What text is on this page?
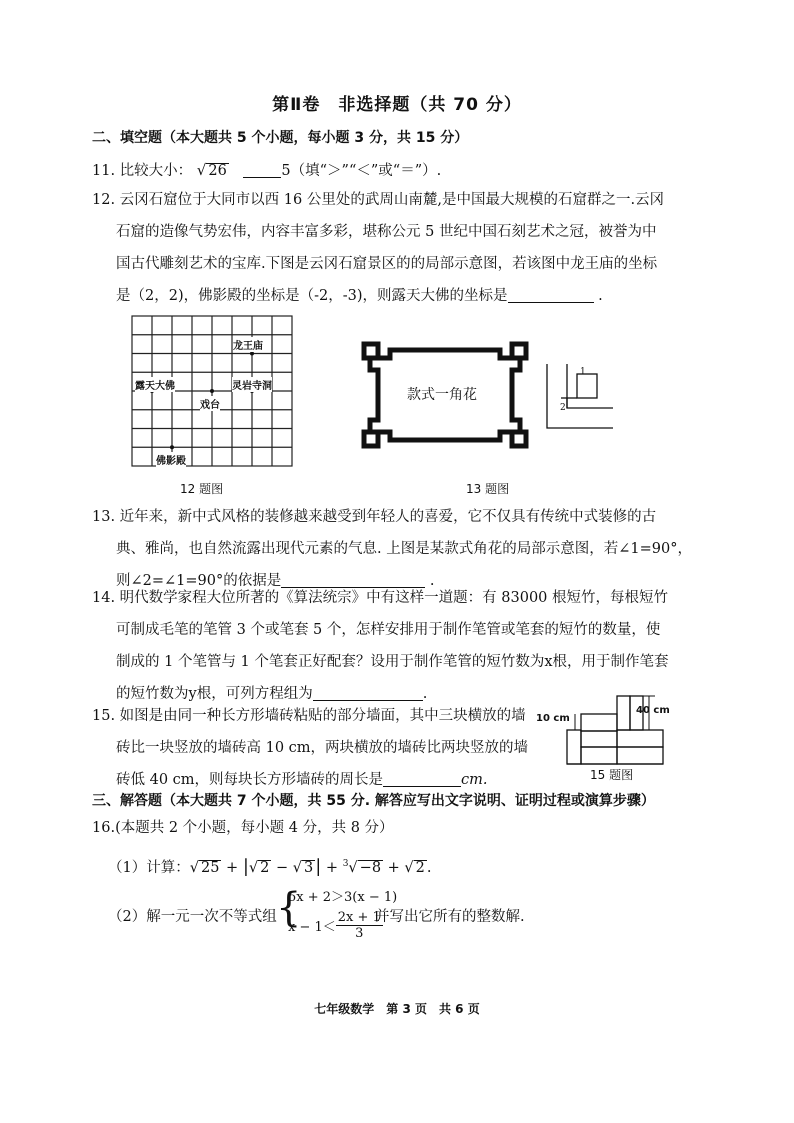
第Ⅱ卷　非选择题（共 70 分）
二、填空题（本大题共 5 个小题，每小题 3 分，共 15 分）
11. 比较大小： √ 26	5（填“＞”“＜”或“＝”）.
12. 云冈石窟位于大同市以西 16 公里处的武周山南麓,是中国最大规模的石窟群之一.云冈
石窟的造像气势宏伟，内容丰富多彩，堪称公元 5 世纪中国石刻艺术之冠，被誉为中
国古代雕刻艺术的宝库.下图是云冈石窟景区的的局部示意图，若该图中龙王庙的坐标
是（2，2)，佛影殿的坐标是（-2，-3)，则露天大佛的坐标是	.
龙王庙
露天大佛	灵岩寺洞
戏台
佛影殿
12 题图
款式一角花
1
2
13 题图
13. 近年来，新中式风格的装修越来越受到年轻人的喜爱，它不仅具有传统中式装修的古
典、雅尚，也自然流露出现代元素的气息. 上图是某款式角花的局部示意图，若∠1=90°，
则∠2=∠1=90°的依据是	.
14. 明代数学家程大位所著的《算法统宗》中有这样一道题：有 83000 根短竹，每根短竹
可制成毛笔的笔管 3 个或笔套 5 个，怎样安排用于制作笔管或笔套的短竹的数量，使
制成的 1 个笔管与 1 个笔套正好配套？设用于制作笔管的短竹数为x根，用于制作笔套
的短竹数为y根，可列方程组为	.
15. 如图是由同一种长方形墙砖粘贴的部分墙面，其中三块横放的墙
砖比一块竖放的墙砖高 10 cm，两块横放的墙砖比两块竖放的墙
砖低 40 cm，则每块长方形墙砖的周长是	cm.
10 cm
40 cm
15 题图
三、解答题（本大题共 7 个小题，共 55 分. 解答应写出文字说明、证明过程或演算步骤）
16.(本题共 2 个小题，每小题 4 分，共 8 分）
（1）计算：√ 25 + |√ 2 − √ 3 | + $^3$√ −8 + √ 2 .
（2）解一元一次不等式组 {
5x + 2＞3(x − 1)
$x - 1< \frac{2x + 1}{3}$
并写出它所有的整数解.
七年级数学　第 3 页　共 6 页
